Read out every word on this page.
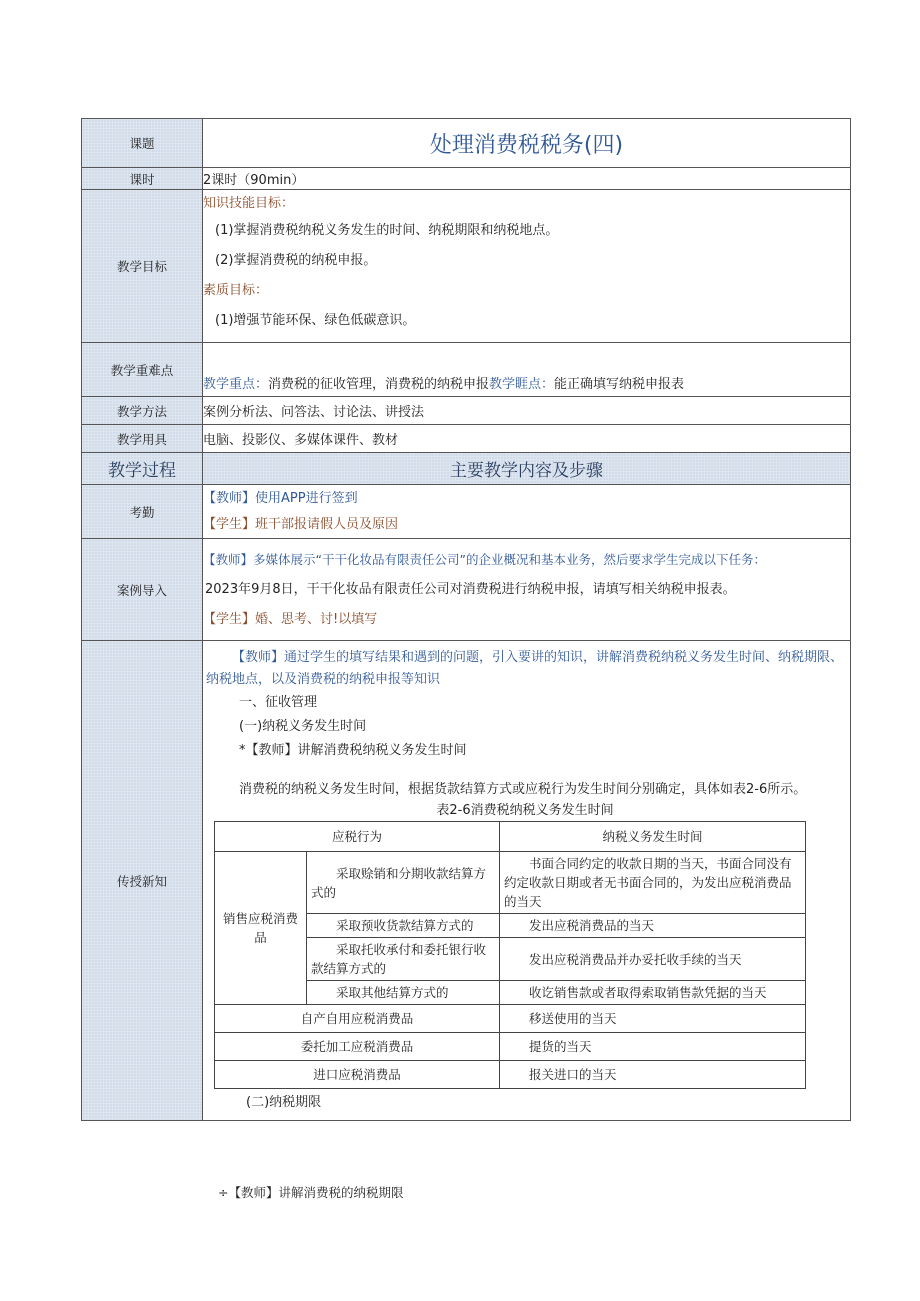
课题	处理消费税税务(四)
课时	2课时（90min）
教学目标	
知识技能目标：
(1)掌握消费税纳税义务发生的时间、纳税期限和纳税地点。
(2)掌握消费税的纳税申报。
素质目标：
(1)增强节能环保、绿色低碳意识。

教学重难点	教学重点：消费税的征收管理，消费税的纳税申报教学睚点：能正确填写纳税申报表
教学方法	案例分析法、问答法、讨论法、讲授法
教学用具	电脑、投影仪、多媒体课件、教材
教学过程	主要教学内容及步骤
考勤	
【教师】使用APP进行签到
【学生】班干部报请假人员及原因

案例导入	
【教师】多媒体展示“干干化妆品有限责任公司”的企业概况和基本业务，然后要求学生完成以下任务：
2023年9月8日，干干化妆品有限责任公司对消费税进行纳税申报，请填写相关纳税申报表。
【学生】婚、思考、讨!以填写

传授新知	
【教师】通过学生的填写结果和遇到的问题，引入要讲的知识，讲解消费税纳税义务发生时间、纳税期限、纳税地点，以及消费税的纳税申报等知识
一、征收管理
(一)纳税义务发生时间
*【教师】讲解消费税纳税义务发生时间
消费税的纳税义务发生时间，根据货款结算方式或应税行为发生时间分别确定，具体如表2-6所示。
表2-6消费税纳税义务发生时间
应税行为	纳税义务发生时间
销售应税消费品	采取赊销和分期收款结算方式的	书面合同约定的收款日期的当天，书面合同没有约定收款日期或者无书面合同的，为发出应税消费品的当天
采取预收货款结算方式的	发出应税消费品的当天
采取托收承付和委托银行收款结算方式的	发出应税消费品并办妥托收手续的当天
采取其他结算方式的	收讫销售款或者取得索取销售款凭据的当天
自产自用应税消费品	移送使用的当天
委托加工应税消费品	提货的当天
进口应税消费品	报关进口的当天
(二)纳税期限
÷【教师】讲解消费税的纳税期限
